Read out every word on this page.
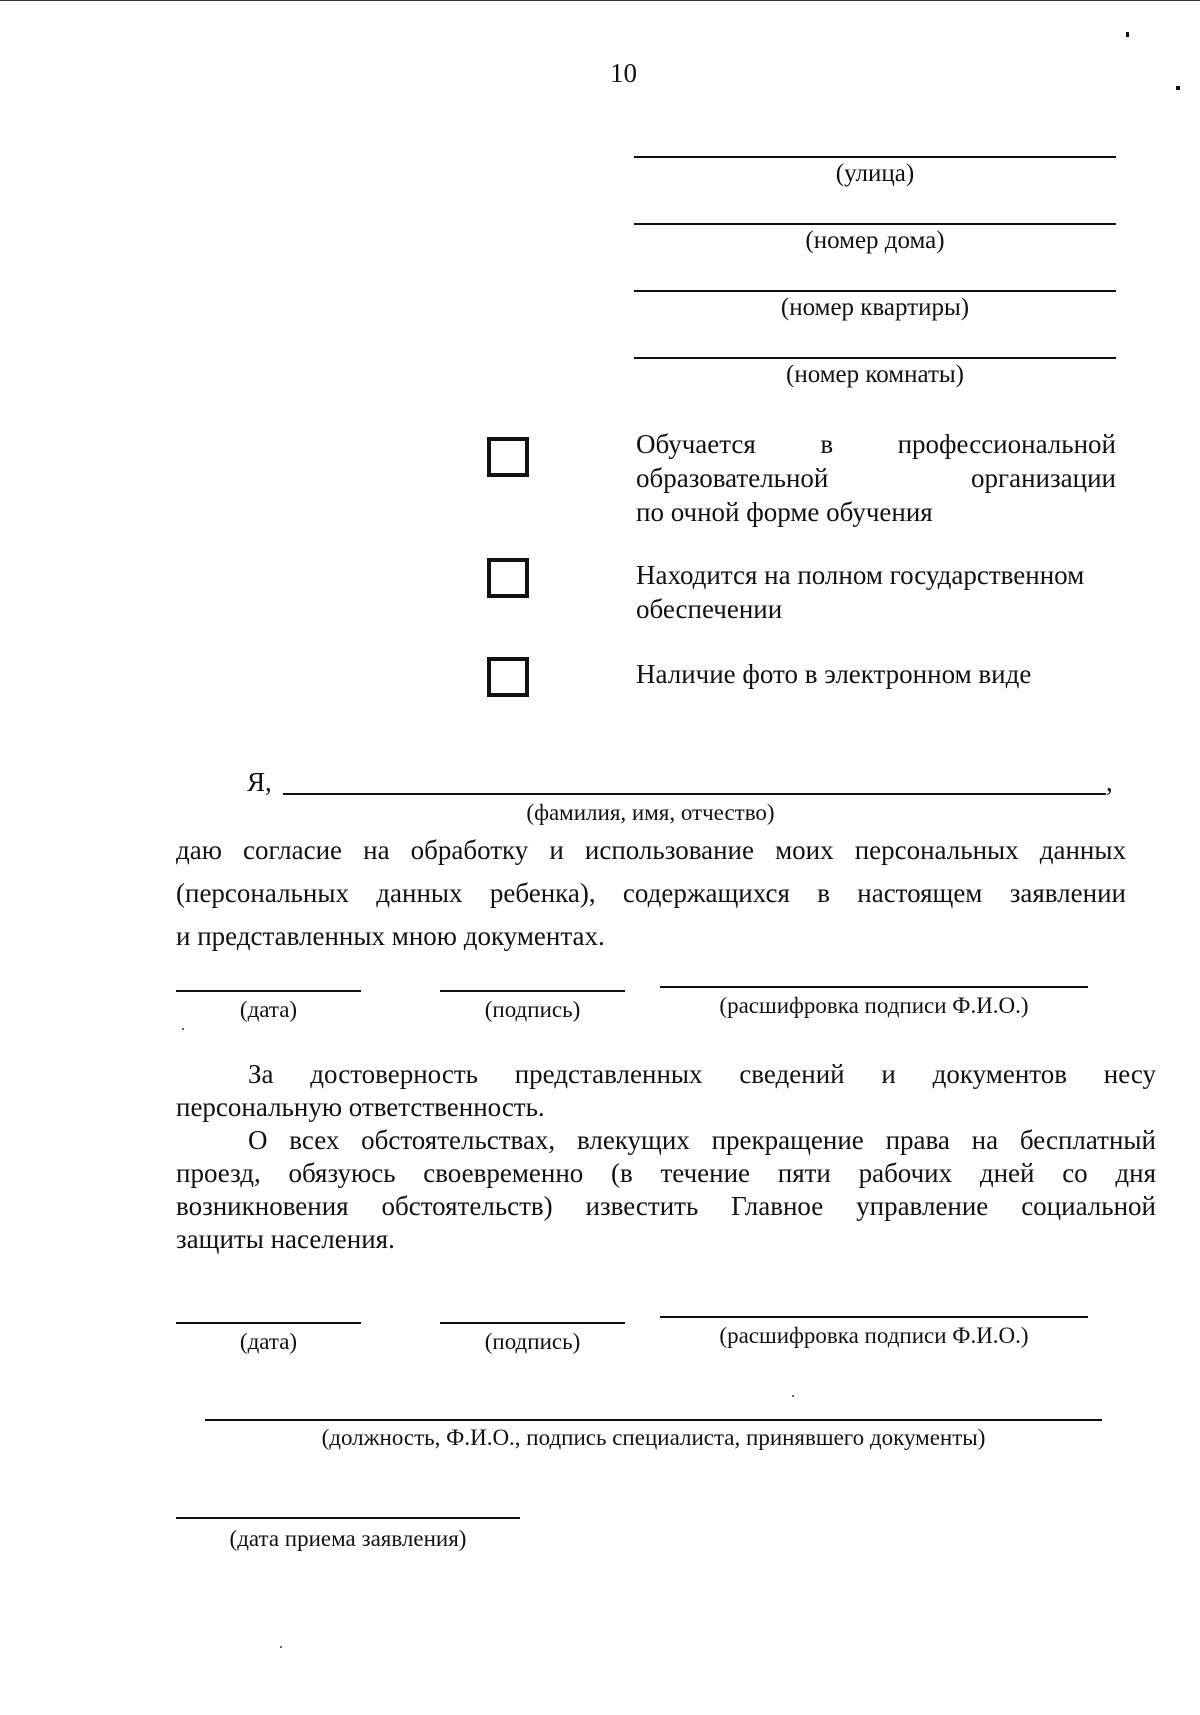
10
(улица)
(номер дома)
(номер квартиры)
(номер комнаты)
Обучается в профессиональной
образовательной организации
по очной форме обучения
Находится на полном государственном
обеспечении
Наличие фото в электронном виде
Я,	,
(фамилия, имя, отчество)
даю согласие на обработку и использование моих персональных данных
(персональных данных ребенка), содержащихся в настоящем заявлении
и представленных мною документах.
(дата)	(подпись)	(расшифровка подписи Ф.И.О.)
За достоверность представленных сведений и документов несу
персональную ответственность.
О всех обстоятельствах, влекущих прекращение права на бесплатный
проезд, обязуюсь своевременно (в течение пяти рабочих дней со дня
возникновения обстоятельств) известить Главное управление социальной
защиты населения.
(дата)	(подпись)	(расшифровка подписи Ф.И.О.)
(должность, Ф.И.О., подпись специалиста, принявшего документы)
(дата приема заявления)
